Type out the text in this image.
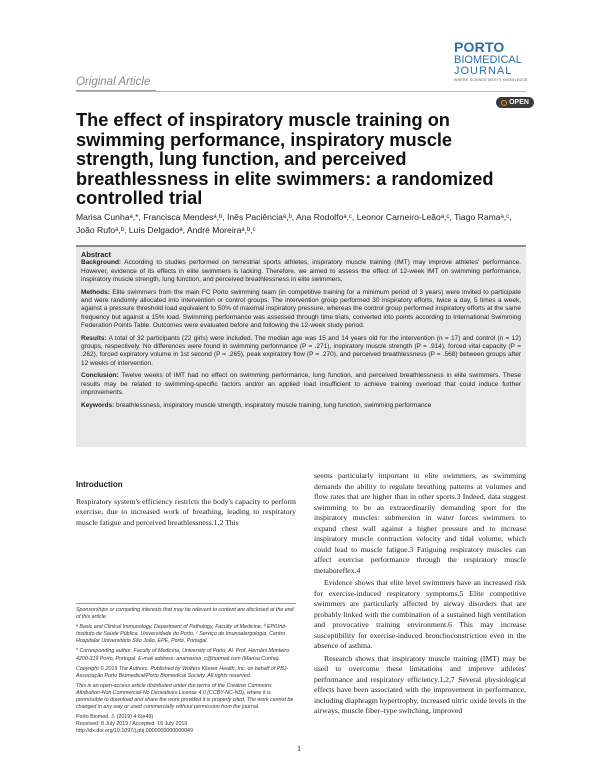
Original Article
PORTO
BIOMEDICAL
JOURNAL
WHERE SCIENCE MEETS KNOWLEDGE
OPEN
The effect of inspiratory muscle training on swimming performance, inspiratory muscle strength, lung function, and perceived breathlessness in elite swimmers: a randomized controlled trial
Marisa Cunhaᵃ,*, Francisca Mendesᵃ,ᵇ, Inês Paciênciaᵃ,ᵇ, Ana Rodolfoᵃ,ᶜ, Leonor Carneiro-Leãoᵃ,ᶜ, Tiago Ramaᵃ,ᶜ, João Rufoᵃ,ᵇ, Luís Delgadoᵃ, André Moreiraᵃ,ᵇ,ᶜ
Abstract

Background: According to studies performed on terrestrial sports athletes, inspiratory muscle training (IMT) may improve athletes' performance. However, evidence of its effects in elite swimmers is lacking. Therefore, we aimed to assess the effect of 12-week IMT on swimming performance, inspiratory muscle strength, lung function, and perceived breathlessness in elite swimmers.

Methods: Elite swimmers from the main FC Porto swimming team (in competitive training for a minimum period of 3 years) were invited to participate and were randomly allocated into intervention or control groups. The intervention group performed 30 inspiratory efforts, twice a day, 5 times a week, against a pressure threshold load equivalent to 50% of maximal inspiratory pressure, whereas the control group performed inspiratory efforts at the same frequency but against a 15% load. Swimming performance was assessed through time trials, converted into points according to International Swimming Federation Points Table. Outcomes were evaluated before and following the 12-week study period.

Results: A total of 32 participants (22 girls) were included. The median age was 15 and 14 years old for the intervention (n = 17) and control (n = 12) groups, respectively. No differences were found in swimming performance (P = .271), inspiratory muscle strength (P = .914), forced vital capacity (P = .262), forced expiratory volume in 1st second (P = .265), peak expiratory flow (P = .270), and perceived breathlessness (P = .568) between groups after 12 weeks of intervention.

Conclusion: Twelve weeks of IMT had no effect on swimming performance, lung function, and perceived breathlessness in elite swimmers. These results may be related to swimming-specific factors and/or an applied load insufficient to achieve training overload that could induce further improvements.

Keywords: breathlessness, inspiratory muscle strength, inspiratory muscle training, lung function, swimming performance

Introduction

Respiratory system's efficiency restricts the body's capacity to perform exercise, due to increased work of breathing, leading to respiratory muscle fatigue and perceived breathlessness.1,2 This

Sponsorships or competing interests that may be relevant to content are disclosed at the end of this article.
ᵃ Basic and Clinical Immunology, Department of Pathology, Faculty of Medicine, ᵇ EPIUnit-Instituto de Saúde Pública, Universidade do Porto, ᶜ Serviço de Imunoalergologia, Centro Hospitalar Universitário São João, EPE, Porto, Portugal.
* Corresponding author. Faculty of Medicine, University of Porto, Al. Prof. Hernâni Monteiro 4200-319 Porto, Portugal. E-mail address: anamarisa_c@hotmail.com (Marisa Cunha).
Copyright © 2019 The Authors. Published by Wolters Kluwer Health, Inc. on behalf of PBJ-Associação Porto Biomedical/Porto Biomedical Society. All rights reserved.
This is an open-access article distributed under the terms of the Creative Commons Attribution-Non Commercial-No Derivatives License 4.0 (CCBY-NC-ND), where it is permissible to download and share the work provided it is properly cited. The work cannot be changed in any way or used commercially without permission from the journal.
Porto Biomed. J. (2019) 4:6(e49)
Received: 8 July 2019 / Accepted: 16 July 2019
http://dx.doi.org/10.1097/j.pbj.0000000000000049

seems particularly important in elite swimmers, as swimming demands the ability to regulate breathing patterns at volumes and flow rates that are higher than in other sports.3 Indeed, data suggest swimming to be an extraordinarily demanding sport for the inspiratory muscles: submersion in water forces swimmers to expand chest wall against a higher pressure and to increase inspiratory muscle contraction velocity and tidal volume, which could lead to muscle fatigue.3 Fatiguing respiratory muscles can affect exercise performance through the respiratory muscle metaboreflex.4

Evidence shows that elite level swimmers have an increased risk for exercise-induced respiratory symptoms.5 Elite competitive swimmers are particularly affected by airway disorders that are probably linked with the combination of a sustained high ventilation and provocative training environment.6 This may increase susceptibility for exercise-induced bronchoconstriction even in the absence of asthma.

Research shows that inspiratory muscle training (IMT) may be used to overcome these limitations and improve athletes' performance and respiratory efficiency.1,2,7 Several physiological effects have been associated with the improvement in performance, including diaphragm hypertrophy, increased nitric oxide levels in the airways, muscle fiber–type switching, improved

1
